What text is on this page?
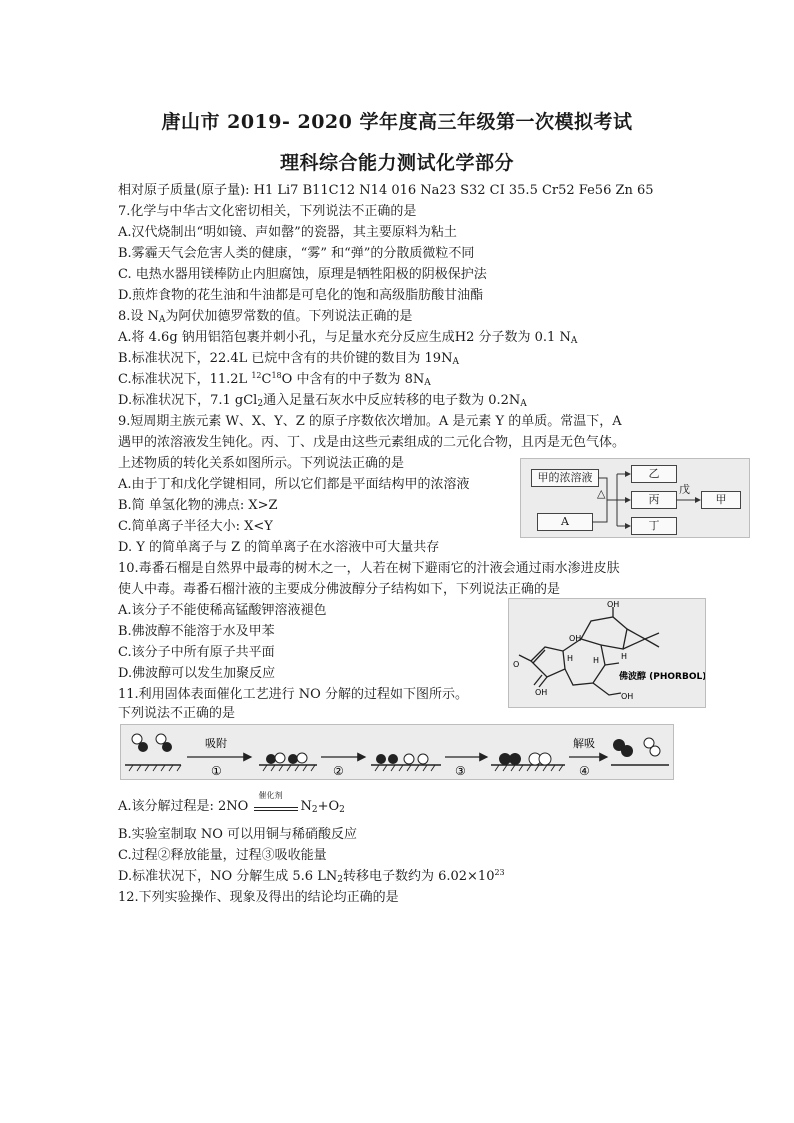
唐山市 2019- 2020 学年度高三年级第一次模拟考试
理科综合能力测试化学部分
相对原子质量(原子量): H1 Li7 B11C12 N14 016 Na23 S32 CI 35.5 Cr52 Fe56 Zn 65
7.化学与中华古文化密切相关，下列说法不正确的是
A.汉代烧制出“明如镜、声如罄”的瓷器，其主要原料为粘土
B.雾霾天气会危害人类的健康，“雾” 和“弹”的分散质微粒不同
C. 电热水器用镁棒防止内胆腐蚀，原理是牺牲阳极的阴极保护法
D.煎炸食物的花生油和牛油都是可皂化的饱和高级脂肪酸甘油酯
8.设 $N_A$为阿伏加德罗常数的值。下列说法正确的是
A.将 4.6g 钠用铝箔包裹并刺小孔，与足量水充分反应生成H2 分子数为 0.1 $N_A$
B.标准状况下，22.4L 已烷中含有的共价键的数目为 $19N_A$
C.标准状况下，11.2L $^{12}C^{18}O$ 中含有的中子数为 $8N_A$
D.标准状况下，7.1 gCl$_2$通入足量石灰水中反应转移的电子数为 $0.2N_A$
9.短周期主族元素 W、X、Y、Z 的原子序数依次增加。A 是元素 Y 的单质。常温下，A
遇甲的浓溶液发生钝化。丙、丁、戊是由这些元素组成的二元化合物，且丙是无色气体。
上述物质的转化关系如图所示。下列说法正确的是
A.由于丁和戊化学键相同，所以它们都是平面结构甲的浓溶液
B.简 单氢化物的沸点: X>Z
C.简单离子半径大小: X<Y
D. Y 的简单离子与 Z 的简单离子在水溶液中可大量共存
甲的浓溶液
A
乙
丙
丁
甲
△	戊
10.毒番石榴是自然界中最毒的树木之一，人若在树下避雨它的汁液会通过雨水渗进皮肤
使人中毒。毒番石榴汁液的主要成分佛波醇分子结构如下，下列说法正确的是
A.该分子不能使稀高锰酸钾溶液褪色
B.佛波醇不能溶于水及甲苯
C.该分子中所有原子共平面
D.佛波醇可以发生加聚反应
OH
OH
H
H
H
OH
O
OH
佛波醇 (PHORBOL)
11.利用固体表面催化工艺进行 NO 分解的过程如下图所示。
下列说法不正确的是
吸附
①	②	③
解吸
④
A.该分解过程是: 2NO
催化剂
$N_2+O_2$
B.实验室制取 NO 可以用铜与稀硝酸反应
C.过程②释放能量，过程③吸收能量
D.标准状况下，NO 分解生成 5.6 $LN_2$转移电子数约为 $6.02\times 10^{23}$
12.下列实验操作、现象及得出的结论均正确的是
